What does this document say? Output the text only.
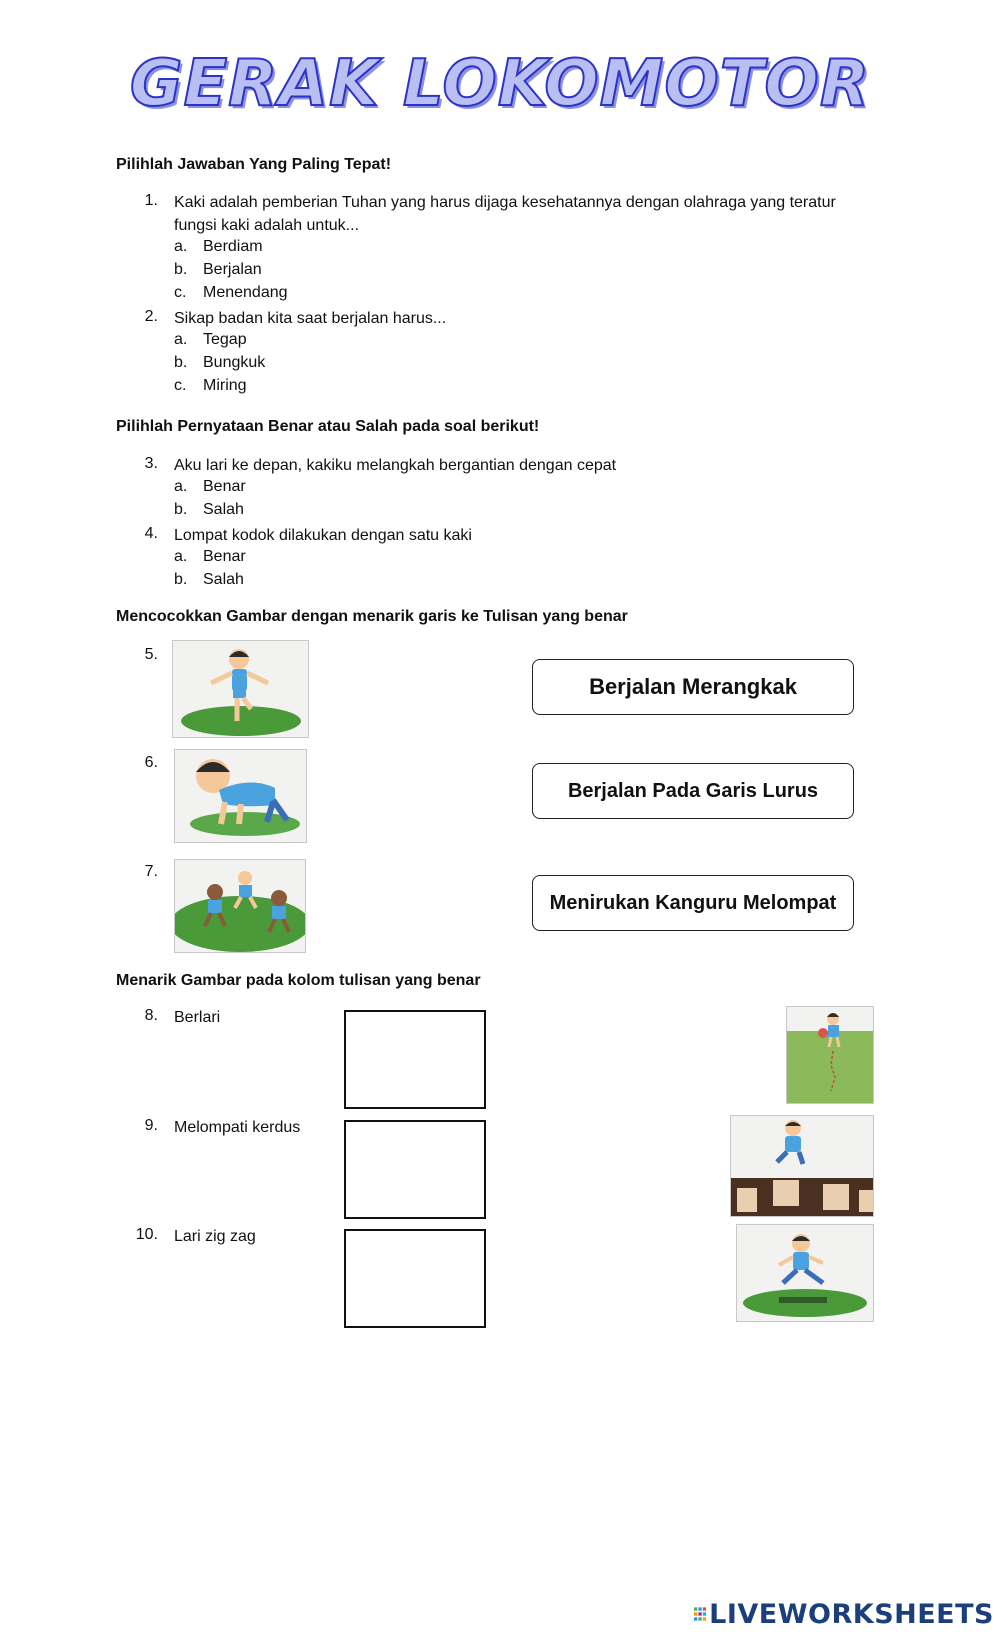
GERAK LOKOMOTOR
Pilihlah Jawaban Yang Paling Tepat!
1. Kaki adalah pemberian Tuhan yang harus dijaga kesehatannya dengan olahraga yang teratur
fungsi kaki adalah untuk...
a. Berdiam
b. Berjalan
c.	Menendang
2. Sikap badan kita saat berjalan harus...
a. Tegap
b. Bungkuk
c.	Miring
Pilihlah Pernyataan Benar atau Salah pada soal berikut!
3. Aku lari ke depan, kakiku melangkah bergantian dengan cepat
a. Benar
b. Salah
4. Lompat kodok dilakukan dengan satu kaki
a. Benar
b. Salah
Mencocokkan Gambar dengan menarik garis ke Tulisan yang benar
5.
6.
7.
Berjalan Merangkak
Berjalan Pada Garis Lurus
Menirukan Kanguru Melompat
Menarik Gambar pada kolom tulisan yang benar
8. Berlari
9. Melompati kerdus
10. Lari zig zag
LIVEWORKSHEETS
